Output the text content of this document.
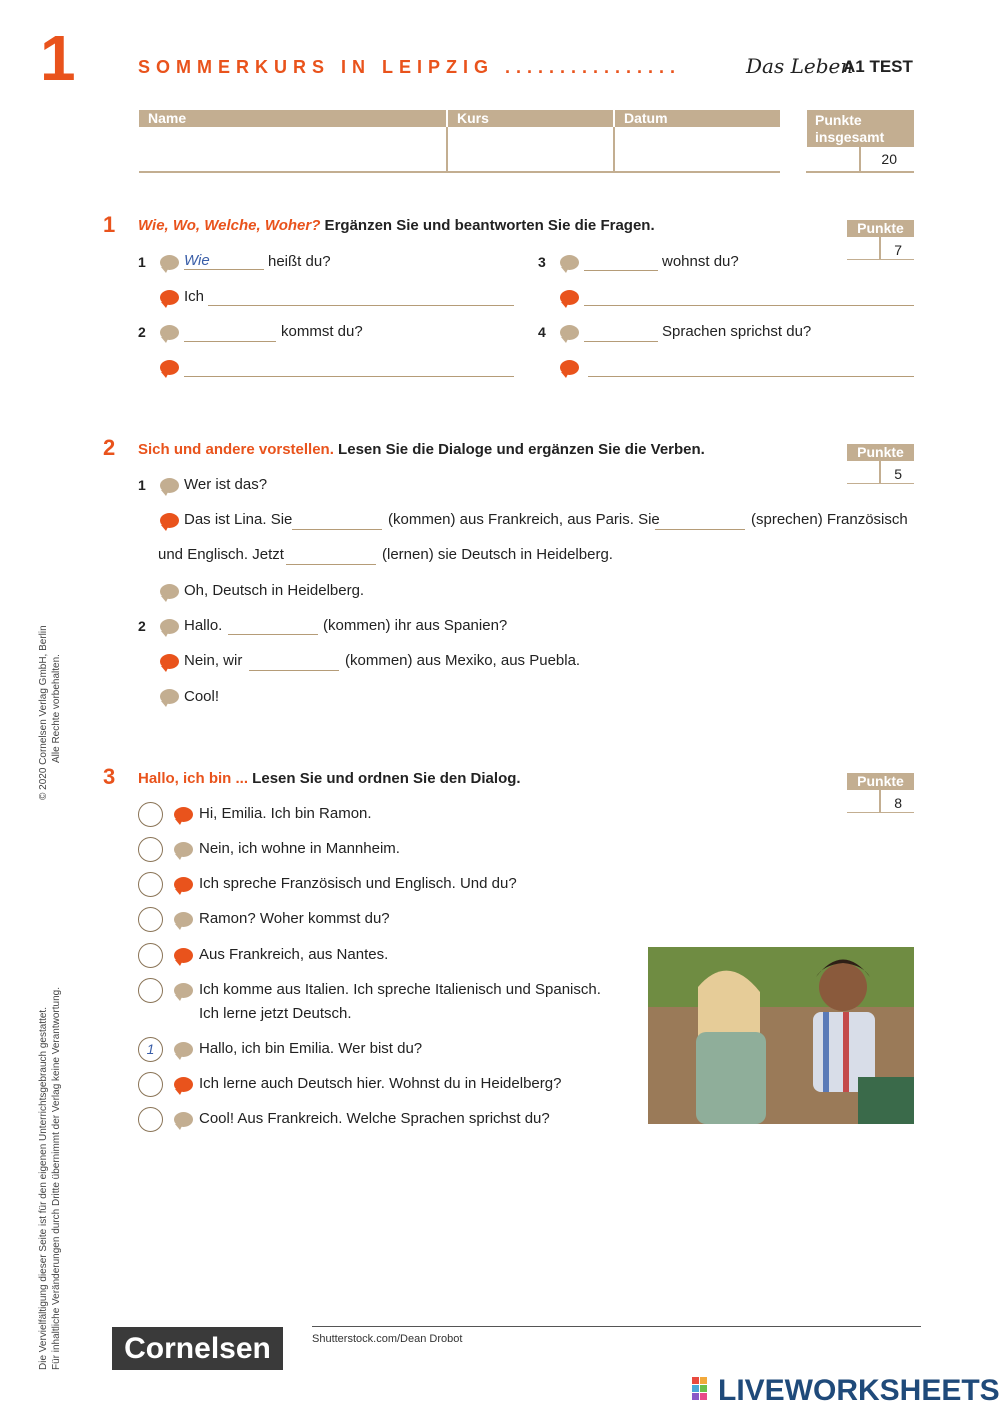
1	SOMMERKURS IN LEIPZIG ................	Das Leben
A1 TEST
Name	Kurs	Datum	Punkte
insgesamt
20
1 Wie, Wo, Welche, Woher? Ergänzen Sie und beantworten Sie die Fragen.	Punkte
7
1	Wie	heißt du?
Ich
2	kommst du?
3	wohnst du?
4	Sprachen sprichst du?
2 Sich und andere vorstellen. Lesen Sie die Dialoge und ergänzen Sie die Verben.	Punkte
5
1	Wer ist das?
Das ist Lina. Sie	(kommen) aus Frankreich, aus Paris. Sie	(sprechen) Französisch
und Englisch. Jetzt	(lernen) sie Deutsch in Heidelberg.
Oh, Deutsch in Heidelberg.
2	Hallo.	(kommen) ihr aus Spanien?
Nein, wir	(kommen) aus Mexiko, aus Puebla.
Cool!
3 Hallo, ich bin ... Lesen Sie und ordnen Sie den Dialog.	Punkte
8
Hi, Emilia. Ich bin Ramon.
Nein, ich wohne in Mannheim.
Ich spreche Französisch und Englisch. Und du?
Ramon? Woher kommst du?
Aus Frankreich, aus Nantes.
Ich komme aus Italien. Ich spreche Italienisch und Spanisch.
Ich lerne jetzt Deutsch.
1	Hallo, ich bin Emilia. Wer bist du?
Ich lerne auch Deutsch hier. Wohnst du in Heidelberg?
Cool! Aus Frankreich. Welche Sprachen sprichst du?
© 2020 Cornelsen Verlag GmbH, Berlin Alle Rechte vorbehalten.
Die Vervielfältigung dieser Seite ist für den eigenen Unterrichtsgebrauch gestattet. Für inhaltliche Veränderungen durch Dritte übernimmt der Verlag keine Verantwortung.	Cornelsen	Shutterstock.com/Dean Drobot
LIVEWORKSHEETS
